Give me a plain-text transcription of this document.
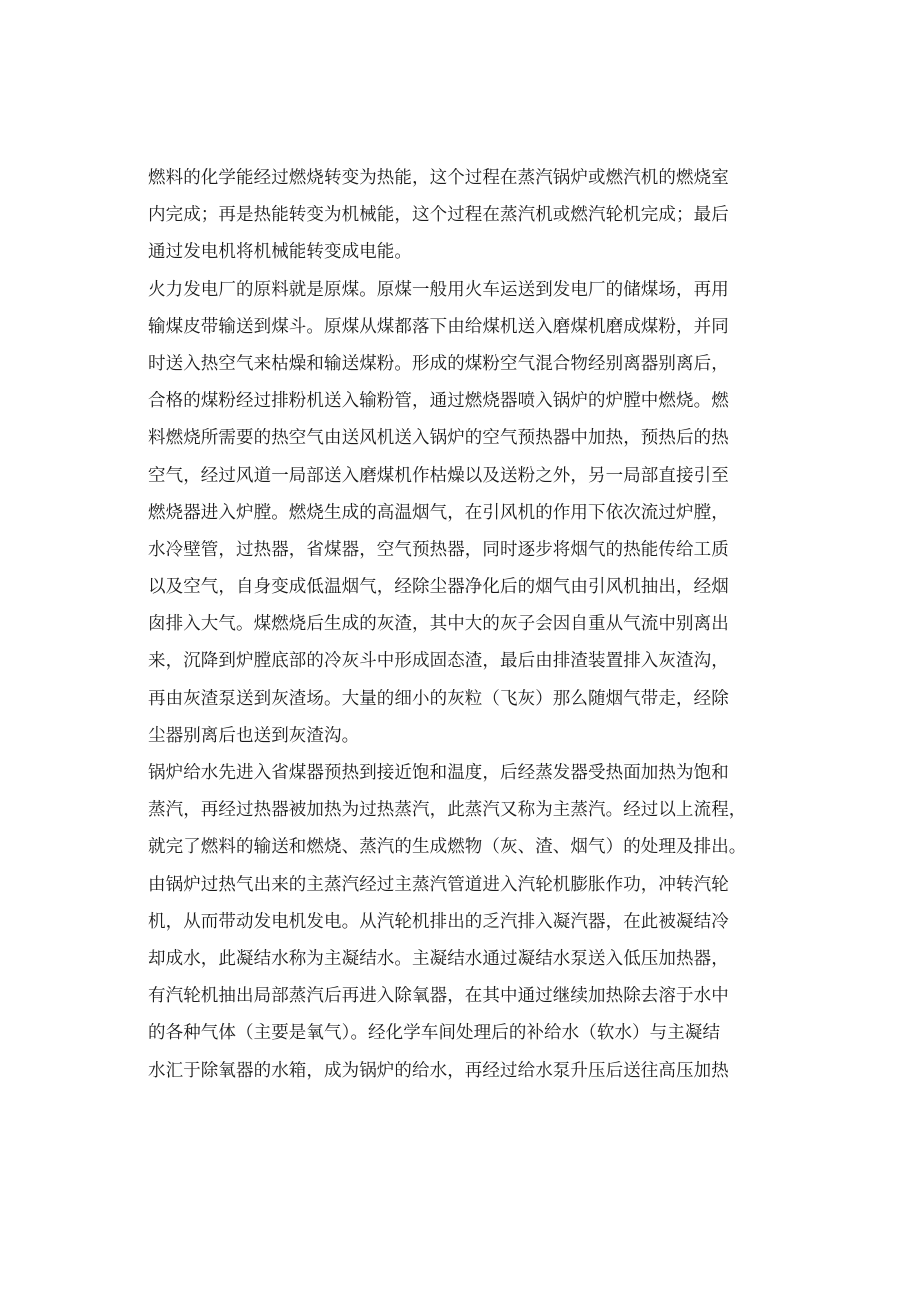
燃料的化学能经过燃烧转变为热能，这个过程在蒸汽锅炉或燃汽机的燃烧室
内完成；再是热能转变为机械能，这个过程在蒸汽机或燃汽轮机完成；最后
通过发电机将机械能转变成电能。
火力发电厂的原料就是原煤。原煤一般用火车运送到发电厂的储煤场，再用
输煤皮带输送到煤斗。原煤从煤都落下由给煤机送入磨煤机磨成煤粉，并同
时送入热空气来枯燥和输送煤粉。形成的煤粉空气混合物经别离器别离后，
合格的煤粉经过排粉机送入输粉管，通过燃烧器喷入锅炉的炉膛中燃烧。燃
料燃烧所需要的热空气由送风机送入锅炉的空气预热器中加热，预热后的热
空气，经过风道一局部送入磨煤机作枯燥以及送粉之外，另一局部直接引至
燃烧器进入炉膛。燃烧生成的高温烟气，在引风机的作用下依次流过炉膛，
水冷壁管，过热器，省煤器，空气预热器，同时逐步将烟气的热能传给工质
以及空气，自身变成低温烟气，经除尘器净化后的烟气由引风机抽出，经烟
囱排入大气。煤燃烧后生成的灰渣，其中大的灰子会因自重从气流中别离出
来，沉降到炉膛底部的冷灰斗中形成固态渣，最后由排渣装置排入灰渣沟，
再由灰渣泵送到灰渣场。大量的细小的灰粒（飞灰）那么随烟气带走，经除
尘器别离后也送到灰渣沟。
锅炉给水先进入省煤器预热到接近饱和温度，后经蒸发器受热面加热为饱和
蒸汽，再经过热器被加热为过热蒸汽，此蒸汽又称为主蒸汽。经过以上流程，
就完了燃料的输送和燃烧、蒸汽的生成燃物（灰、渣、烟气）的处理及排出。
由锅炉过热气出来的主蒸汽经过主蒸汽管道进入汽轮机膨胀作功，冲转汽轮
机，从而带动发电机发电。从汽轮机排出的乏汽排入凝汽器，在此被凝结冷
却成水，此凝结水称为主凝结水。主凝结水通过凝结水泵送入低压加热器，
有汽轮机抽出局部蒸汽后再进入除氧器，在其中通过继续加热除去溶于水中
的各种气体（主要是氧气）。经化学车间处理后的补给水（软水）与主凝结
水汇于除氧器的水箱，成为锅炉的给水，再经过给水泵升压后送往高压加热
